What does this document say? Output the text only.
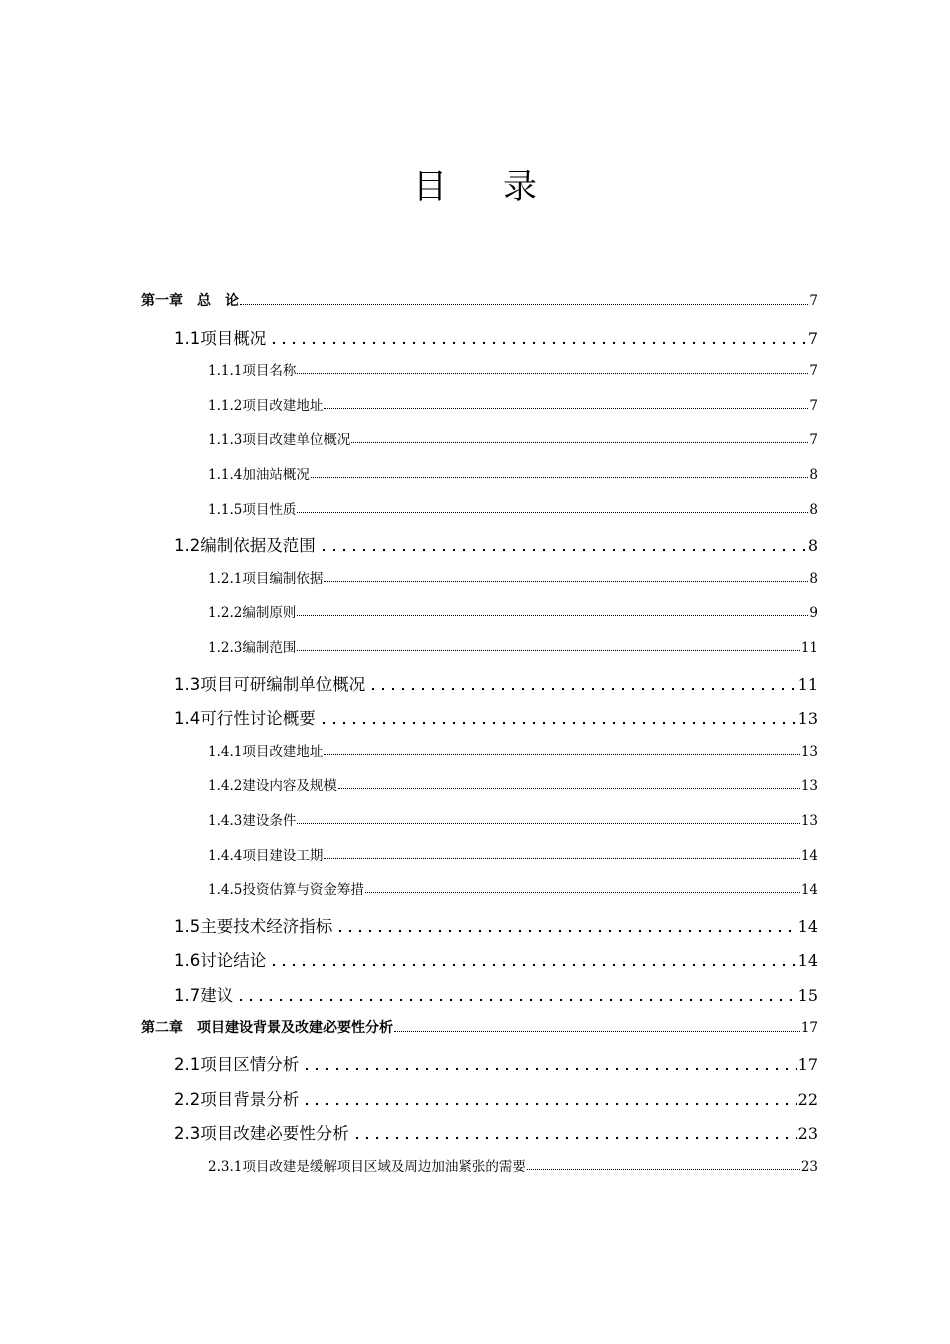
目录
第一章　总　论	7
1.1项目概况	7
1.1.1项目名称	7
1.1.2项目改建地址	7
1.1.3项目改建单位概况	7
1.1.4加油站概况	8
1.1.5项目性质	8
1.2编制依据及范围	8
1.2.1项目编制依据	8
1.2.2编制原则	9
1.2.3编制范围	11
1.3项目可研编制单位概况	11
1.4可行性讨论概要	13
1.4.1项目改建地址	13
1.4.2建设内容及规模	13
1.4.3建设条件	13
1.4.4项目建设工期	14
1.4.5投资估算与资金筹措	14
1.5主要技术经济指标	14
1.6讨论结论	14
1.7建议	15
第二章　项目建设背景及改建必要性分析	17
2.1项目区情分析	17
2.2项目背景分析	22
2.3项目改建必要性分析	23
2.3.1项目改建是缓解项目区域及周边加油紧张的需要	23
